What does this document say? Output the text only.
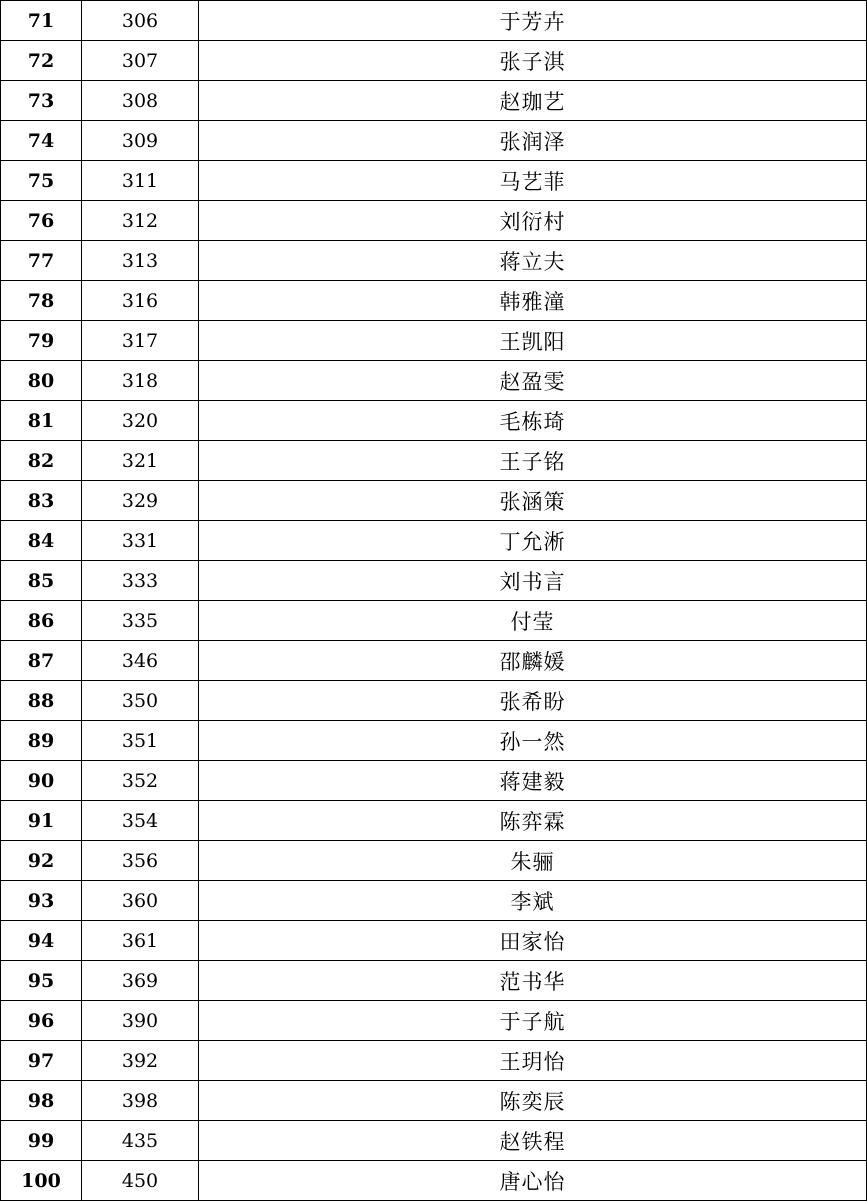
71	306	于芳卉
72	307	张子淇
73	308	赵珈艺
74	309	张润泽
75	311	马艺菲
76	312	刘衍村
77	313	蒋立夫
78	316	韩雅潼
79	317	王凯阳
80	318	赵盈雯
81	320	毛栋琦
82	321	王子铭
83	329	张涵策
84	331	丁允淅
85	333	刘书言
86	335	付莹
87	346	邵麟媛
88	350	张希盼
89	351	孙一然
90	352	蒋建毅
91	354	陈弈霖
92	356	朱骊
93	360	李斌
94	361	田家怡
95	369	范书华
96	390	于子航
97	392	王玥怡
98	398	陈奕辰
99	435	赵铁程
100	450	唐心怡
